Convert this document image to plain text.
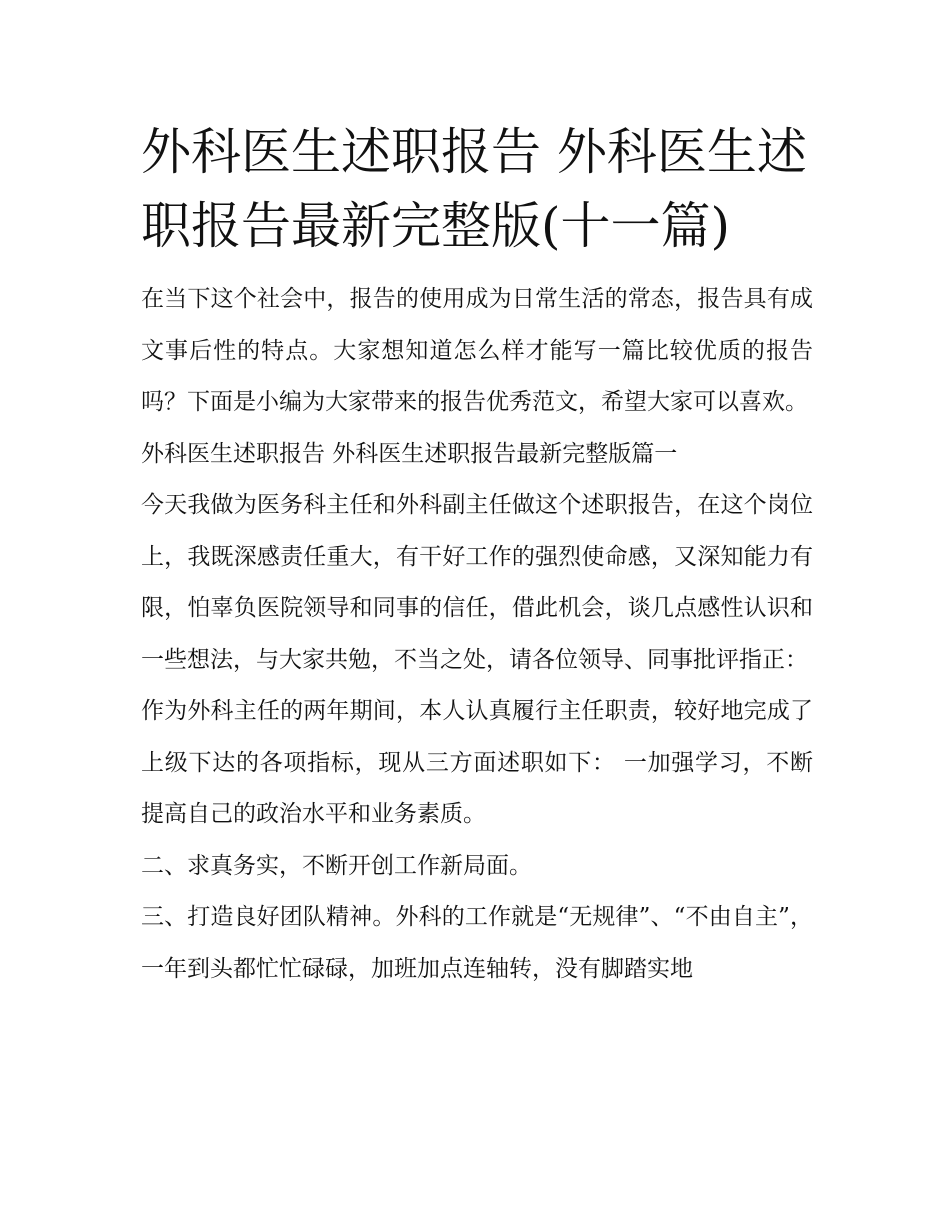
外科医生述职报告 外科医生述职报告最新完整版(十一篇)

在当下这个社会中，报告的使用成为日常生活的常态，报告具有成文事后性的特点。大家想知道怎么样才能写一篇比较优质的报告吗？下面是小编为大家带来的报告优秀范文，希望大家可以喜欢。

外科医生述职报告 外科医生述职报告最新完整版篇一

今天我做为医务科主任和外科副主任做这个述职报告，在这个岗位上，我既深感责任重大，有干好工作的强烈使命感，又深知能力有限，怕辜负医院领导和同事的信任，借此机会，谈几点感性认识和一些想法，与大家共勉，不当之处，请各位领导、同事批评指正：

作为外科主任的两年期间，本人认真履行主任职责，较好地完成了上级下达的各项指标，现从三方面述职如下： 一加强学习，不断提高自己的政治水平和业务素质。

二、求真务实，不断开创工作新局面。

三、打造良好团队精神。外科的工作就是“无规律”、“不由自主”，一年到头都忙忙碌碌，加班加点连轴转，没有脚踏实地
